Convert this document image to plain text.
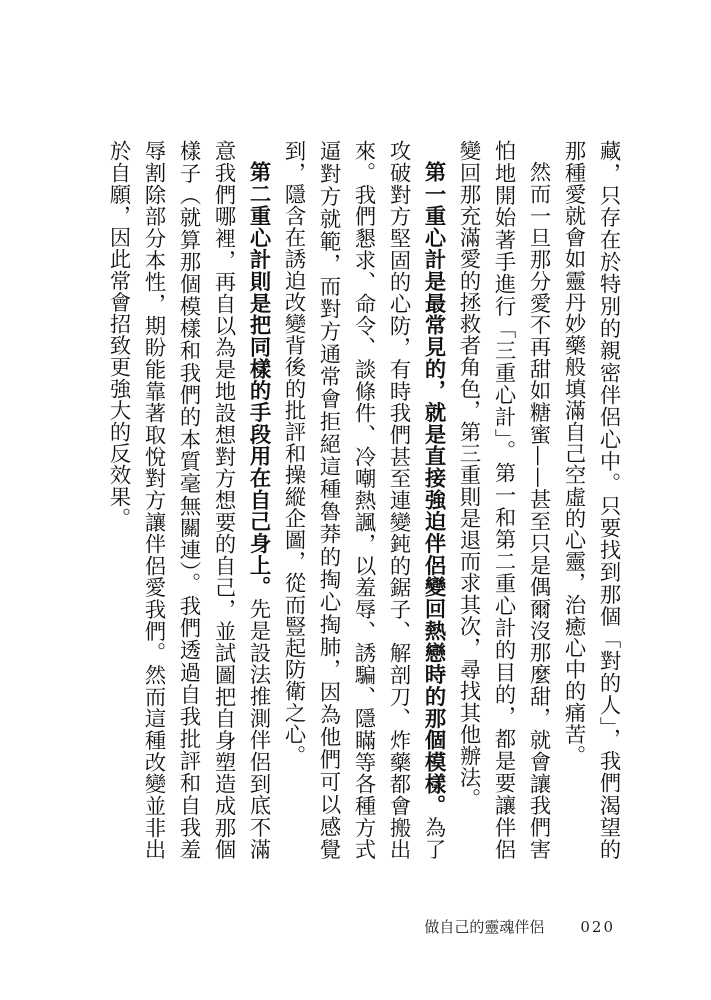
藏，只存在於特別的親密伴侶心中。只要找到那個「對的人」，我們渴望的那種愛就會如靈丹妙藥般填滿自己空虛的心靈，治癒心中的痛苦。

然而一旦那分愛不再甜如糖蜜——甚至只是偶爾沒那麼甜，就會讓我們害怕地開始著手進行「三重心計」。第一和第二重心計的目的，都是要讓伴侶變回那充滿愛的拯救者角色，第三重則是退而求其次，尋找其他辦法。

第一重心計是最常見的，就是直接強迫伴侶變回熱戀時的那個模樣。為了攻破對方堅固的心防，有時我們甚至連變鈍的鋸子、解剖刀、炸藥都會搬出來。我們懇求、命令、談條件、冷嘲熱諷，以羞辱、誘騙、隱瞞等各種方式逼對方就範，而對方通常會拒絕這種魯莽的掏心掏肺，因為他們可以感覺到，隱含在誘迫改變背後的批評和操縱企圖，從而豎起防衛之心。

第二重心計則是把同樣的手段用在自己身上。先是設法推測伴侶到底不滿意我們哪裡，再自以為是地設想對方想要的自己，並試圖把自身塑造成那個樣子（就算那個模樣和我們的本質毫無關連）。我們透過自我批評和自我羞辱割除部分本性，期盼能靠著取悅對方讓伴侶愛我們。然而這種改變並非出於自願，因此常會招致更強大的反效果。

做自己的靈魂伴侶 020
